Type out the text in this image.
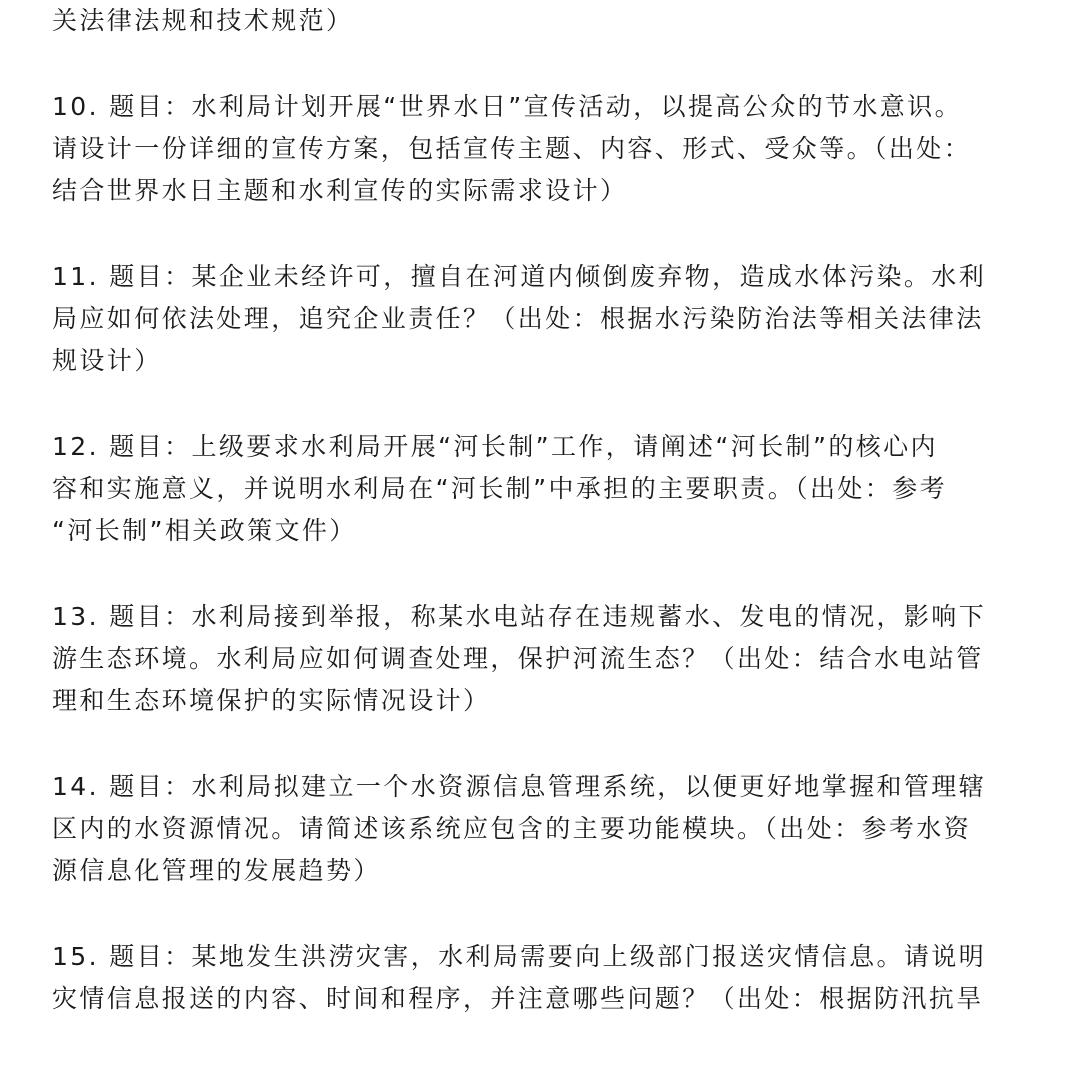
关法律法规和技术规范）
10. 题目：水利局计划开展“世界水日”宣传活动，以提高公众的节水意识。
请设计一份详细的宣传方案，包括宣传主题、内容、形式、受众等。（出处：
结合世界水日主题和水利宣传的实际需求设计）
11. 题目：某企业未经许可，擅自在河道内倾倒废弃物，造成水体污染。水利
局应如何依法处理，追究企业责任？（出处：根据水污染防治法等相关法律法
规设计）
12. 题目：上级要求水利局开展“河长制”工作，请阐述“河长制”的核心内
容和实施意义，并说明水利局在“河长制”中承担的主要职责。（出处：参考
“河长制”相关政策文件）
13. 题目：水利局接到举报，称某水电站存在违规蓄水、发电的情况，影响下
游生态环境。水利局应如何调查处理，保护河流生态？（出处：结合水电站管
理和生态环境保护的实际情况设计）
14. 题目：水利局拟建立一个水资源信息管理系统，以便更好地掌握和管理辖
区内的水资源情况。请简述该系统应包含的主要功能模块。（出处：参考水资
源信息化管理的发展趋势）
15. 题目：某地发生洪涝灾害，水利局需要向上级部门报送灾情信息。请说明
灾情信息报送的内容、时间和程序，并注意哪些问题？（出处：根据防汛抗旱
